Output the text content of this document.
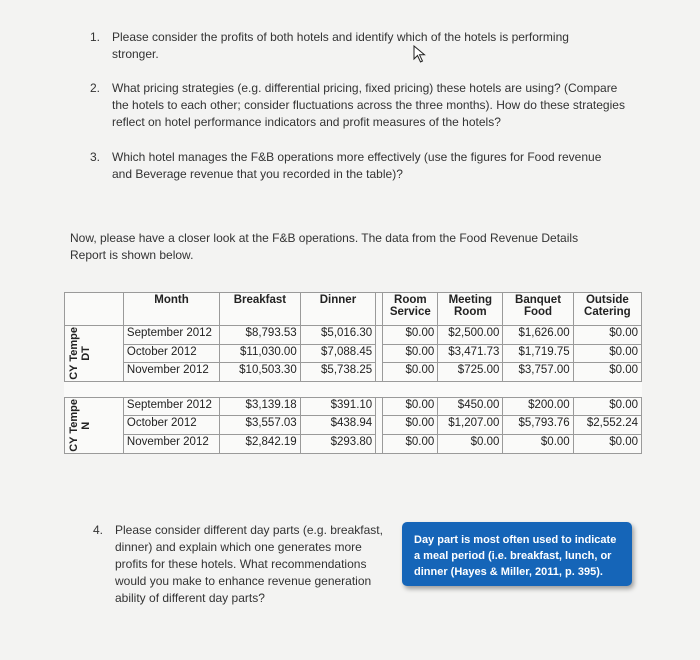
1. Please consider the profits of both hotels and identify which of the hotels is performing stronger.
2. What pricing strategies (e.g. differential pricing, fixed pricing) these hotels are using? (Compare the hotels to each other; consider fluctuations across the three months). How do these strategies reflect on hotel performance indicators and profit measures of the hotels?
3. Which hotel manages the F&B operations more effectively (use the figures for Food revenue and Beverage revenue that you recorded in the table)?
Now, please have a closer look at the F&B operations. The data from the Food Revenue Details Report is shown below.
		Month	Breakfast	Dinner		Room Service	Meeting Room	Banquet Food	Outside Catering

CY Tempe DT		September 2012	$8,793.53	$5,016.30		$0.00	$2,500.00	$1,626.00	$0.00
		October 2012	$11,030.00	$7,088.45		$0.00	$3,471.73	$1,719.75	$0.00
		November 2012	$10,503.30	$5,738.25		$0.00	$725.00	$3,757.00	$0.00

CY Tempe N		September 2012	$3,139.18	$391.10		$0.00	$450.00	$200.00	$0.00
		October 2012	$3,557.03	$438.94		$0.00	$1,207.00	$5,793.76	$2,552.24
		November 2012	$2,842.19	$293.80		$0.00	$0.00	$0.00	$0.00
4. Please consider different day parts (e.g. breakfast, dinner) and explain which one generates more profits for these hotels. What recommendations would you make to enhance revenue generation ability of different day parts?
Day part is most often used to indicate a meal period (i.e. breakfast, lunch, or dinner (Hayes & Miller, 2011, p. 395).
